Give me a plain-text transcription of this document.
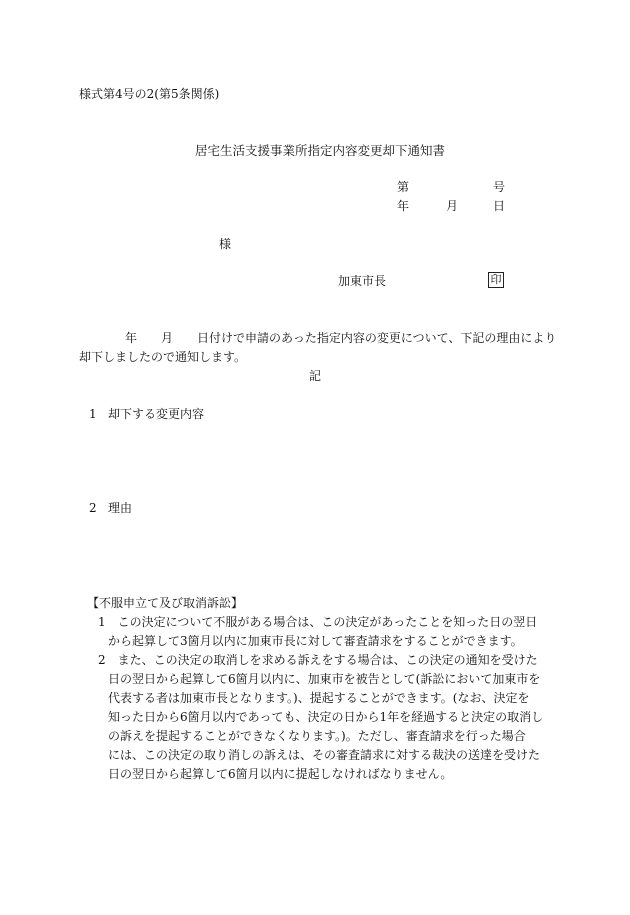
様式第4号の2(第5条関係)
居宅生活支援事業所指定内容変更却下通知書
第	号
年	月	日
様
加東市長	印
年 月 日付けで申請のあった指定内容の変更について、下記の理由により
却下しましたので通知します。
記
1 却下する変更内容
2 理由
【不服申立て及び取消訴訟】
1　この決定について不服がある場合は、この決定があったことを知った日の翌日
から起算して3箇月以内に加東市長に対して審査請求をすることができます。
2　また、この決定の取消しを求める訴えをする場合は、この決定の通知を受けた
日の翌日から起算して6箇月以内に、加東市を被告として(訴訟において加東市を
代表する者は加東市長となります。)、提起することができます。(なお、決定を
知った日から6箇月以内であっても、決定の日から1年を経過すると決定の取消し
の訴えを提起することができなくなります。)。ただし、審査請求を行った場合
には、この決定の取り消しの訴えは、その審査請求に対する裁決の送達を受けた
日の翌日から起算して6箇月以内に提起しなければなりません。
